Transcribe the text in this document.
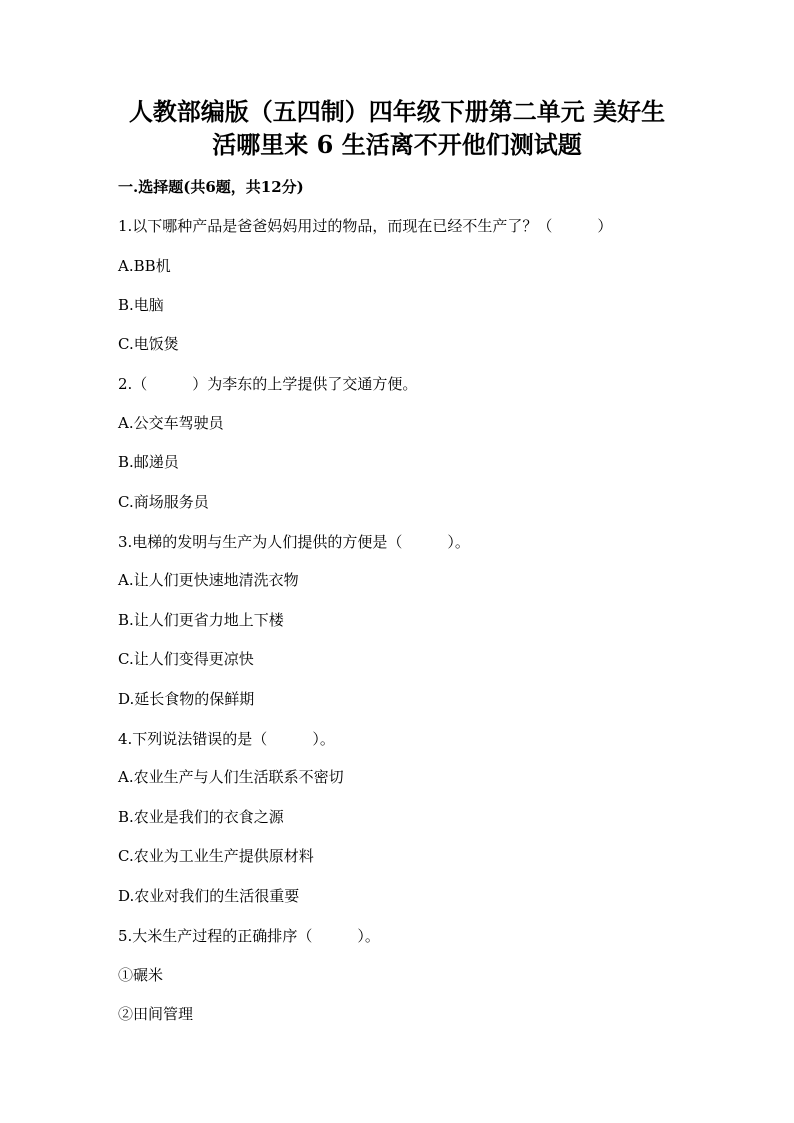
人教部编版（五四制）四年级下册第二单元 美好生
活哪里来 6 生活离不开他们测试题
一.选择题(共6题，共12分)
1.以下哪种产品是爸爸妈妈用过的物品，而现在已经不生产了？（　　　）
A.BB机
B.电脑
C.电饭煲
2.（　　　）为李东的上学提供了交通方便。
A.公交车驾驶员
B.邮递员
C.商场服务员
3.电梯的发明与生产为人们提供的方便是（　　　）。
A.让人们更快速地清洗衣物
B.让人们更省力地上下楼
C.让人们变得更凉快
D.延长食物的保鲜期
4.下列说法错误的是（　　　）。
A.农业生产与人们生活联系不密切
B.农业是我们的衣食之源
C.农业为工业生产提供原材料
D.农业对我们的生活很重要
5.大米生产过程的正确排序（　　　）。
①碾米
②田间管理
